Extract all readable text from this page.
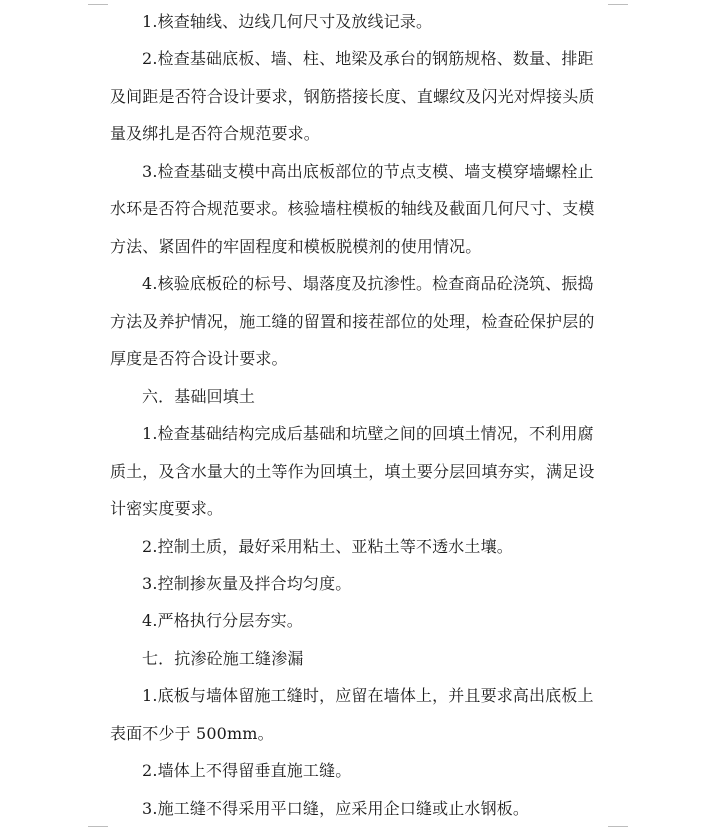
1.核查轴线、边线几何尺寸及放线记录。
2.检查基础底板、墙、柱、地梁及承台的钢筋规格、数量、排距
及间距是否符合设计要求，钢筋搭接长度、直螺纹及闪光对焊接头质
量及绑扎是否符合规范要求。
3.检查基础支模中高出底板部位的节点支模、墙支模穿墙螺栓止
水环是否符合规范要求。核验墙柱模板的轴线及截面几何尺寸、支模
方法、紧固件的牢固程度和模板脱模剂的使用情况。
4.核验底板砼的标号、塌落度及抗渗性。检查商品砼浇筑、振捣
方法及养护情况，施工缝的留置和接茬部位的处理，检查砼保护层的
厚度是否符合设计要求。
六．基础回填土
1.检查基础结构完成后基础和坑壁之间的回填土情况，不利用腐
质土，及含水量大的土等作为回填土，填土要分层回填夯实，满足设
计密实度要求。
2.控制土质，最好采用粘土、亚粘土等不透水土壤。
3.控制掺灰量及拌合均匀度。
4.严格执行分层夯实。
七．抗渗砼施工缝渗漏
1.底板与墙体留施工缝时，应留在墙体上，并且要求高出底板上
表面不少于 500mm。
2.墙体上不得留垂直施工缝。
3.施工缝不得采用平口缝，应采用企口缝或止水钢板。
